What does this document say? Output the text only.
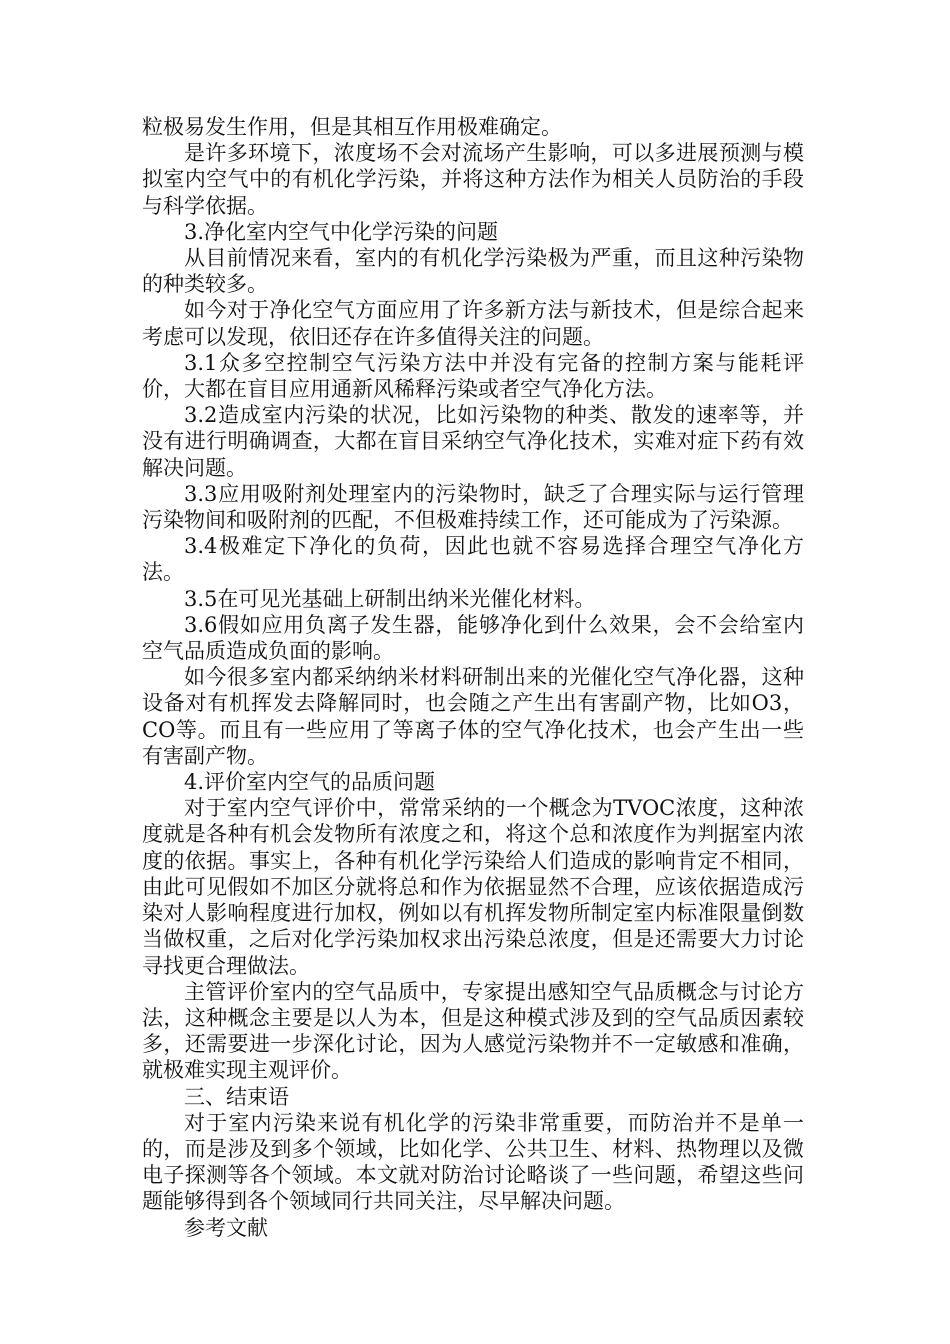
粒极易发生作用，但是其相互作用极难确定。

是许多环境下，浓度场不会对流场产生影响，可以多进展预测与模拟室内空气中的有机化学污染，并将这种方法作为相关人员防治的手段与科学依据。

3.净化室内空气中化学污染的问题

从目前情况来看，室内的有机化学污染极为严重，而且这种污染物的种类较多。

如今对于净化空气方面应用了许多新方法与新技术，但是综合起来考虑可以发现，依旧还存在许多值得关注的问题。

3.1众多空控制空气污染方法中并没有完备的控制方案与能耗评价，大都在盲目应用通新风稀释污染或者空气净化方法。

3.2造成室内污染的状况，比如污染物的种类、散发的速率等，并没有进行明确调查，大都在盲目采纳空气净化技术，实难对症下药有效解决问题。

3.3应用吸附剂处理室内的污染物时，缺乏了合理实际与运行管理污染物间和吸附剂的匹配，不但极难持续工作，还可能成为了污染源。

3.4极难定下净化的负荷，因此也就不容易选择合理空气净化方法。

3.5在可见光基础上研制出纳米光催化材料。

3.6假如应用负离子发生器，能够净化到什么效果，会不会给室内空气品质造成负面的影响。

如今很多室内都采纳纳米材料研制出来的光催化空气净化器，这种设备对有机挥发去降解同时，也会随之产生出有害副产物，比如O3，CO等。而且有一些应用了等离子体的空气净化技术，也会产生出一些有害副产物。

4.评价室内空气的品质问题

对于室内空气评价中，常常采纳的一个概念为TVOC浓度，这种浓度就是各种有机会发物所有浓度之和，将这个总和浓度作为判据室内浓度的依据。事实上，各种有机化学污染给人们造成的影响肯定不相同，由此可见假如不加区分就将总和作为依据显然不合理，应该依据造成污染对人影响程度进行加权，例如以有机挥发物所制定室内标准限量倒数当做权重，之后对化学污染加权求出污染总浓度，但是还需要大力讨论寻找更合理做法。

主管评价室内的空气品质中，专家提出感知空气品质概念与讨论方法，这种概念主要是以人为本，但是这种模式涉及到的空气品质因素较多，还需要进一步深化讨论，因为人感觉污染物并不一定敏感和准确，就极难实现主观评价。

三、结束语

对于室内污染来说有机化学的污染非常重要，而防治并不是单一的，而是涉及到多个领域，比如化学、公共卫生、材料、热物理以及微电子探测等各个领域。本文就对防治讨论略谈了一些问题，希望这些问题能够得到各个领域同行共同关注，尽早解决问题。

参考文献
